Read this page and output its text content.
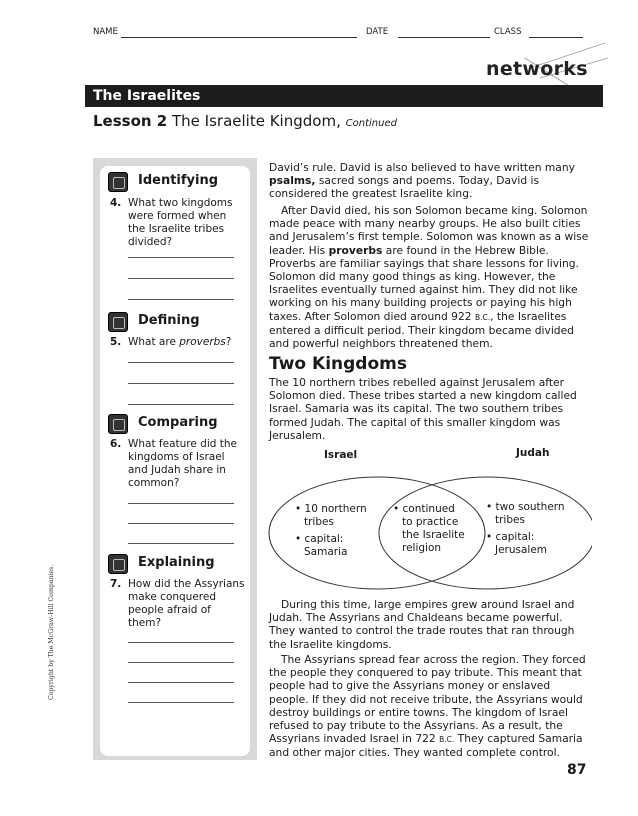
NAME	DATE	CLASS
networks
The Israelites
Lesson 2 The Israelite Kingdom, Continued
Identifying
4. What two kingdoms were formed when the Israelite tribes divided?
Defining
5. What are proverbs?
Comparing
6. What feature did the kingdoms of Israel and Judah share in common?
Explaining
7. How did the Assyrians make conquered people afraid of them?
Copyright by The McGraw-Hill Companies.

David’s rule. David is also believed to have written many psalms, sacred songs and poems. Today, David is considered the greatest Israelite king.

After David died, his son Solomon became king. Solomon made peace with many nearby groups. He also built cities and Jerusalem’s first temple. Solomon was known as a wise leader. His proverbs are found in the Hebrew Bible. Proverbs are familiar sayings that share lessons for living. Solomon did many good things as king. However, the Israelites eventually turned against him. They did not like working on his many building projects or paying his high taxes. After Solomon died around 922 B.C., the Israelites entered a difficult period. Their kingdom became divided and powerful neighbors threatened them.

Two Kingdoms

The 10 northern tribes rebelled against Jerusalem after Solomon died. These tribes started a new kingdom called Israel. Samaria was its capital. The two southern tribes formed Judah. The capital of this smaller kingdom was Jerusalem.

Israel	Judah
• 10 northern
tribes
• capital:
Samaria
• continued
to practice
the Israelite
religion
• two southern
tribes
• capital:
Jerusalem

During this time, large empires grew around Israel and Judah. The Assyrians and Chaldeans became powerful. They wanted to control the trade routes that ran through the Israelite kingdoms.

The Assyrians spread fear across the region. They forced the people they conquered to pay tribute. This meant that people had to give the Assyrians money or enslaved people. If they did not receive tribute, the Assyrians would destroy buildings or entire towns. The kingdom of Israel refused to pay tribute to the Assyrians. As a result, the Assyrians invaded Israel in 722 B.C. They captured Samaria and other major cities. They wanted complete control.

87
